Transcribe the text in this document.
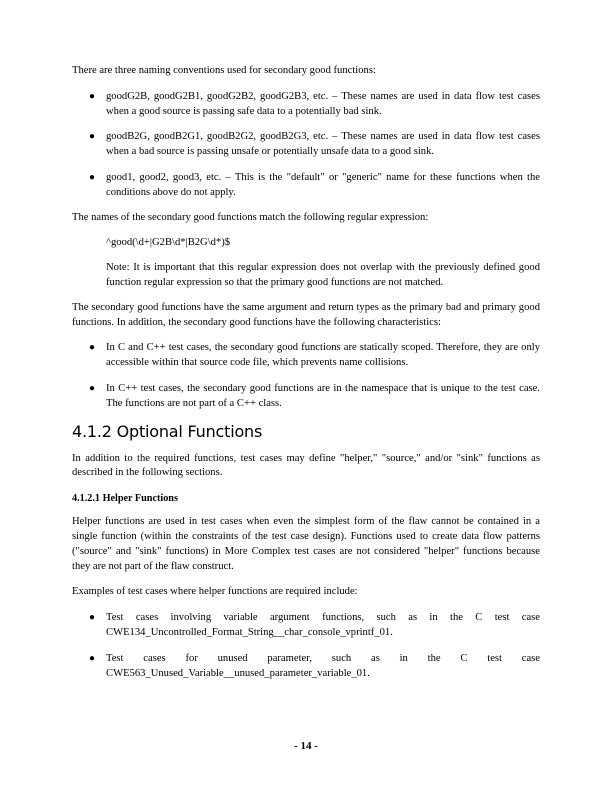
There are three naming conventions used for secondary good functions:

● goodG2B, goodG2B1, goodG2B2, goodG2B3, etc. – These names are used in data flow test cases when a good source is passing safe data to a potentially bad sink.
● goodB2G, goodB2G1, goodB2G2, goodB2G3, etc. – These names are used in data flow test cases when a bad source is passing unsafe or potentially unsafe data to a good sink.
● good1, good2, good3, etc. – This is the "default" or "generic" name for these functions when the conditions above do not apply.

The names of the secondary good functions match the following regular expression:

^good(\d+|G2B\d*|B2G\d*)$

Note: It is important that this regular expression does not overlap with the previously defined good function regular expression so that the primary good functions are not matched.

The secondary good functions have the same argument and return types as the primary bad and primary good functions. In addition, the secondary good functions have the following characteristics:

● In C and C++ test cases, the secondary good functions are statically scoped. Therefore, they are only accessible within that source code file, which prevents name collisions.
● In C++ test cases, the secondary good functions are in the namespace that is unique to the test case. The functions are not part of a C++ class.
4.1.2 Optional Functions

In addition to the required functions, test cases may define "helper," "source," and/or "sink" functions as described in the following sections.

4.1.2.1 Helper Functions

Helper functions are used in test cases when even the simplest form of the flaw cannot be contained in a single function (within the constraints of the test case design). Functions used to create data flow patterns ("source" and "sink" functions) in More Complex test cases are not considered "helper" functions because they are not part of the flaw construct.

Examples of test cases where helper functions are required include:

● Test cases involving variable argument functions, such as in the C test case CWE134_Uncontrolled_Format_String__char_console_vprintf_01.
● Test cases for unused parameter, such as in the C test case CWE563_Unused_Variable__unused_parameter_variable_01.
- 14 -
